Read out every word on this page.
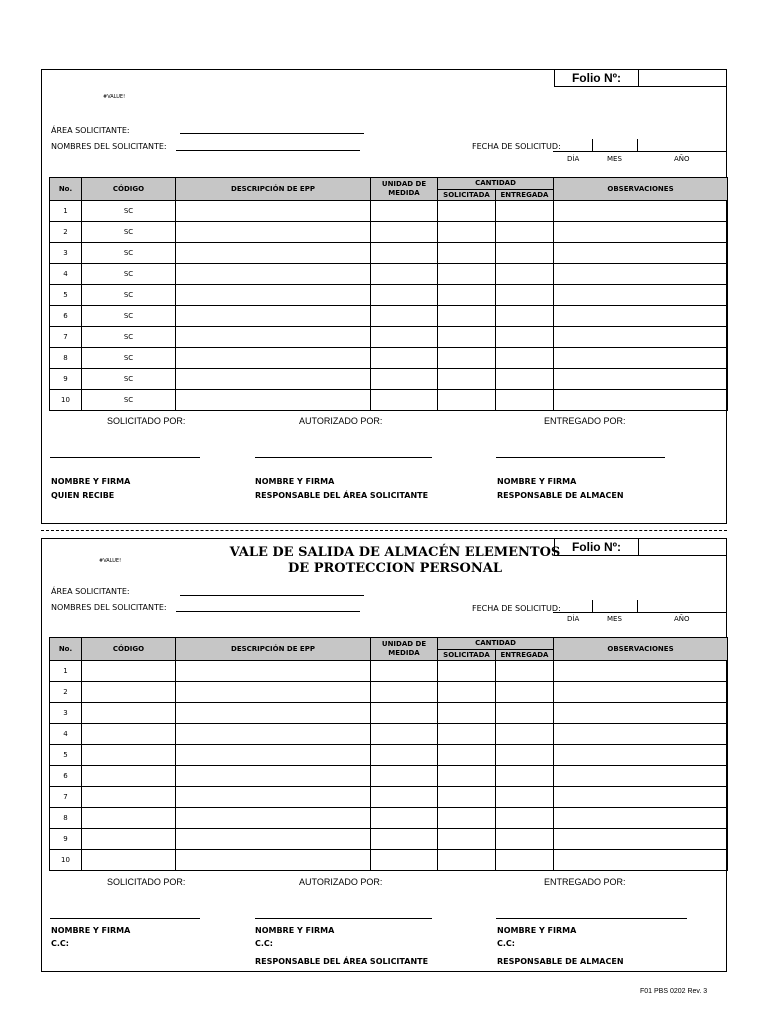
Folio Nº:
#VALUE!
ÁREA SOLICITANTE:
NOMBRES DEL SOLICITANTE:	FECHA DE SOLICITUD:
DÍA	MES	AÑO
No.	CÓDIGO	DESCRIPCIÓN DE EPP	UNIDAD DE MEDIDA	CANTIDAD		OBSERVACIONES
				SOLICITADA	ENTREGADA	
1	SC					
2	SC					
3	SC					
4	SC					
5	SC					
6	SC					
7	SC					
8	SC					
9	SC					
10	SC					
SOLICITADO POR:	AUTORIZADO POR:	ENTREGADO POR:
NOMBRE Y FIRMA
QUIEN RECIBE
NOMBRE Y FIRMA
RESPONSABLE DEL ÁREA SOLICITANTE
NOMBRE Y FIRMA
RESPONSABLE DE ALMACEN
Folio Nº:
#VALUE!
VALE DE SALIDA DE ALMACÉN ELEMENTOS DE PROTECCION PERSONAL
ÁREA SOLICITANTE:
NOMBRES DEL SOLICITANTE:	FECHA DE SOLICITUD:
DÍA	MES	AÑO
No.	CÓDIGO	DESCRIPCIÓN DE EPP	UNIDAD DE MEDIDA	CANTIDAD		OBSERVACIONES
				SOLICITADA	ENTREGADA	
1						
2						
3						
4						
5						
6						
7						
8						
9						
10						
SOLICITADO POR:	AUTORIZADO POR:	ENTREGADO POR:
NOMBRE Y FIRMA
C.C:
NOMBRE Y FIRMA
C.C:
RESPONSABLE DEL ÁREA SOLICITANTE
NOMBRE Y FIRMA
C.C:
RESPONSABLE DE ALMACEN
F01 PBS 0202 Rev. 3
